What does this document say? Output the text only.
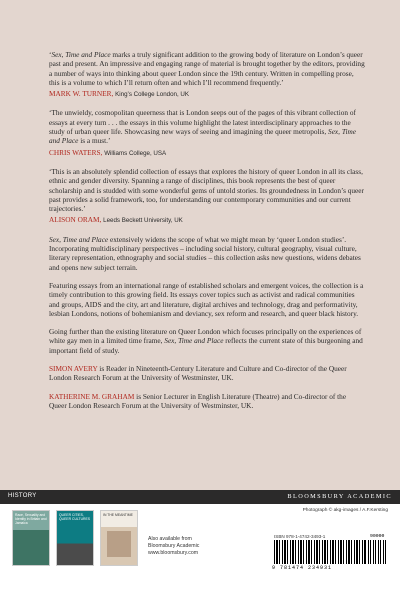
‘Sex, Time and Place marks a truly significant addition to the growing body of literature on London’s queer past and present. An impressive and engaging range of material is brought together by the editors, providing a number of ways into thinking about queer London since the 19th century. Written in compelling prose, this is a volume to which I’ll return often and which I’ll recommend frequently.’

MARK W. TURNER, King’s College London, UK

‘The unwieldy, cosmopolitan queerness that is London seeps out of the pages of this vibrant collection of essays at every turn . . . the essays in this volume highlight the latest interdisciplinary approaches to the study of urban queer life. Showcasing new ways of seeing and imagining the queer metropolis, Sex, Time and Place is a must.’

CHRIS WATERS, Williams College, USA

‘This is an absolutely splendid collection of essays that explores the history of queer London in all its class, ethnic and gender diversity. Spanning a range of disciplines, this book represents the best of queer scholarship and is studded with some wonderful gems of untold stories. Its groundedness in London’s queer past provides a solid framework, too, for understanding our contemporary communities and our current trajectories.’

ALISON ORAM, Leeds Beckett University, UK

Sex, Time and Place extensively widens the scope of what we might mean by ‘queer London studies’. Incorporating multidisciplinary perspectives – including social history, cultural geography, visual culture, literary representation, ethnography and social studies – this collection asks new questions, widens debates and opens new subject terrain.

Featuring essays from an international range of established scholars and emergent voices, the collection is a timely contribution to this growing field. Its essays cover topics such as activist and radical communities and groups, AIDS and the city, art and literature, digital archives and technology, drag and performativity, lesbian Londons, notions of bohemianism and deviancy, sex reform and research, and queer black history.

Going further than the existing literature on Queer London which focuses principally on the experiences of white gay men in a limited time frame, Sex, Time and Place reflects the current state of this burgeoning and important field of study.

SIMON AVERY is Reader in Nineteenth-Century Literature and Culture and Co-director of the Queer London Research Forum at the University of Westminster, UK.

KATHERINE M. GRAHAM is Senior Lecturer in English Literature (Theatre) and Co-director of the Queer London Research Forum at the University of Westminster, UK.

HISTORY	BLOOMSBURY ACADEMIC
Race, Sexuality and Identity in Britain and Jamaica
QUEER CITIES, QUEER CULTURES
IN THE MEANTIME
Also available from
Bloomsbury Academic
www.bloomsbury.com
Photograph © akg-images / A.F.Kersting
ISBN 978-1-4742-3493-1	90000
9 781474 234931
